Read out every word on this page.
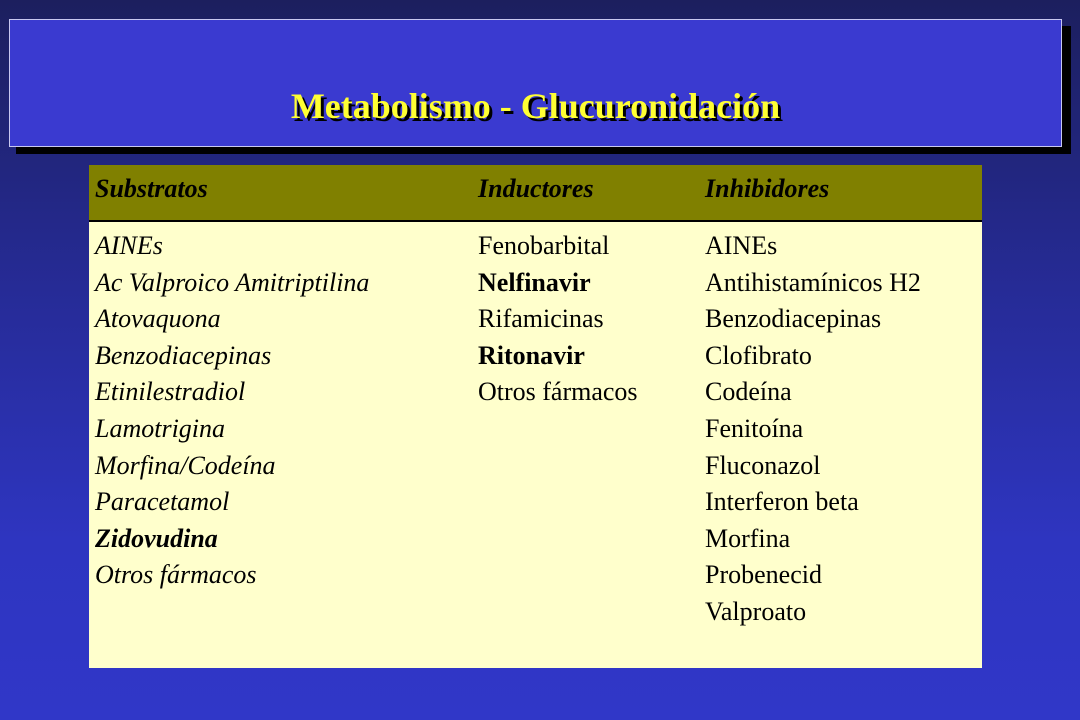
Metabolismo - Glucuronidación
Substratos	Inductores	Inhibidores
AINEs
Ac Valproico Amitriptilina
Atovaquona
Benzodiacepinas
Etinilestradiol
Lamotrigina
Morfina/Codeína
Paracetamol
Zidovudina
Otros fármacos
Fenobarbital
Nelfinavir
Rifamicinas
Ritonavir
Otros fármacos
AINEs
Antihistamínicos H2
Benzodiacepinas
Clofibrato
Codeína
Fenitoína
Fluconazol
Interferon beta
Morfina
Probenecid
Valproato
